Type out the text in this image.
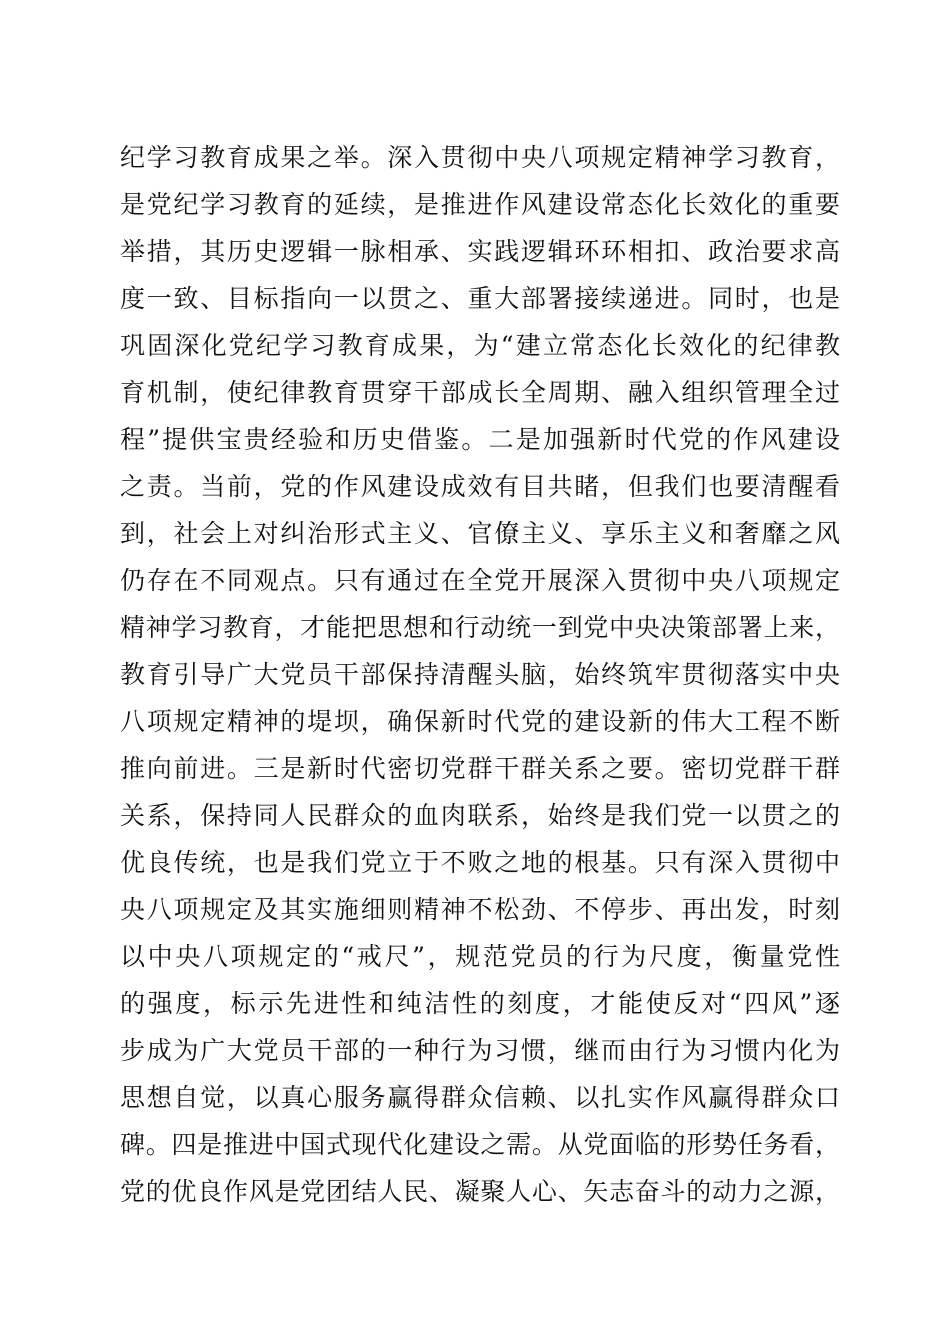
纪学习教育成果之举。深入贯彻中央八项规定精神学习教育，
是党纪学习教育的延续，是推进作风建设常态化长效化的重要
举措，其历史逻辑一脉相承、实践逻辑环环相扣、政治要求高
度一致、目标指向一以贯之、重大部署接续递进。同时，也是
巩固深化党纪学习教育成果，为“建立常态化长效化的纪律教
育机制，使纪律教育贯穿干部成长全周期、融入组织管理全过
程”提供宝贵经验和历史借鉴。二是加强新时代党的作风建设
之责。当前，党的作风建设成效有目共睹，但我们也要清醒看
到，社会上对纠治形式主义、官僚主义、享乐主义和奢靡之风
仍存在不同观点。只有通过在全党开展深入贯彻中央八项规定
精神学习教育，才能把思想和行动统一到党中央决策部署上来，
教育引导广大党员干部保持清醒头脑，始终筑牢贯彻落实中央
八项规定精神的堤坝，确保新时代党的建设新的伟大工程不断
推向前进。三是新时代密切党群干群关系之要。密切党群干群
关系，保持同人民群众的血肉联系，始终是我们党一以贯之的
优良传统，也是我们党立于不败之地的根基。只有深入贯彻中
央八项规定及其实施细则精神不松劲、不停步、再出发，时刻
以中央八项规定的“戒尺”，规范党员的行为尺度，衡量党性
的强度，标示先进性和纯洁性的刻度，才能使反对“四风”逐
步成为广大党员干部的一种行为习惯，继而由行为习惯内化为
思想自觉，以真心服务赢得群众信赖、以扎实作风赢得群众口
碑。四是推进中国式现代化建设之需。从党面临的形势任务看，
党的优良作风是党团结人民、凝聚人心、矢志奋斗的动力之源，
